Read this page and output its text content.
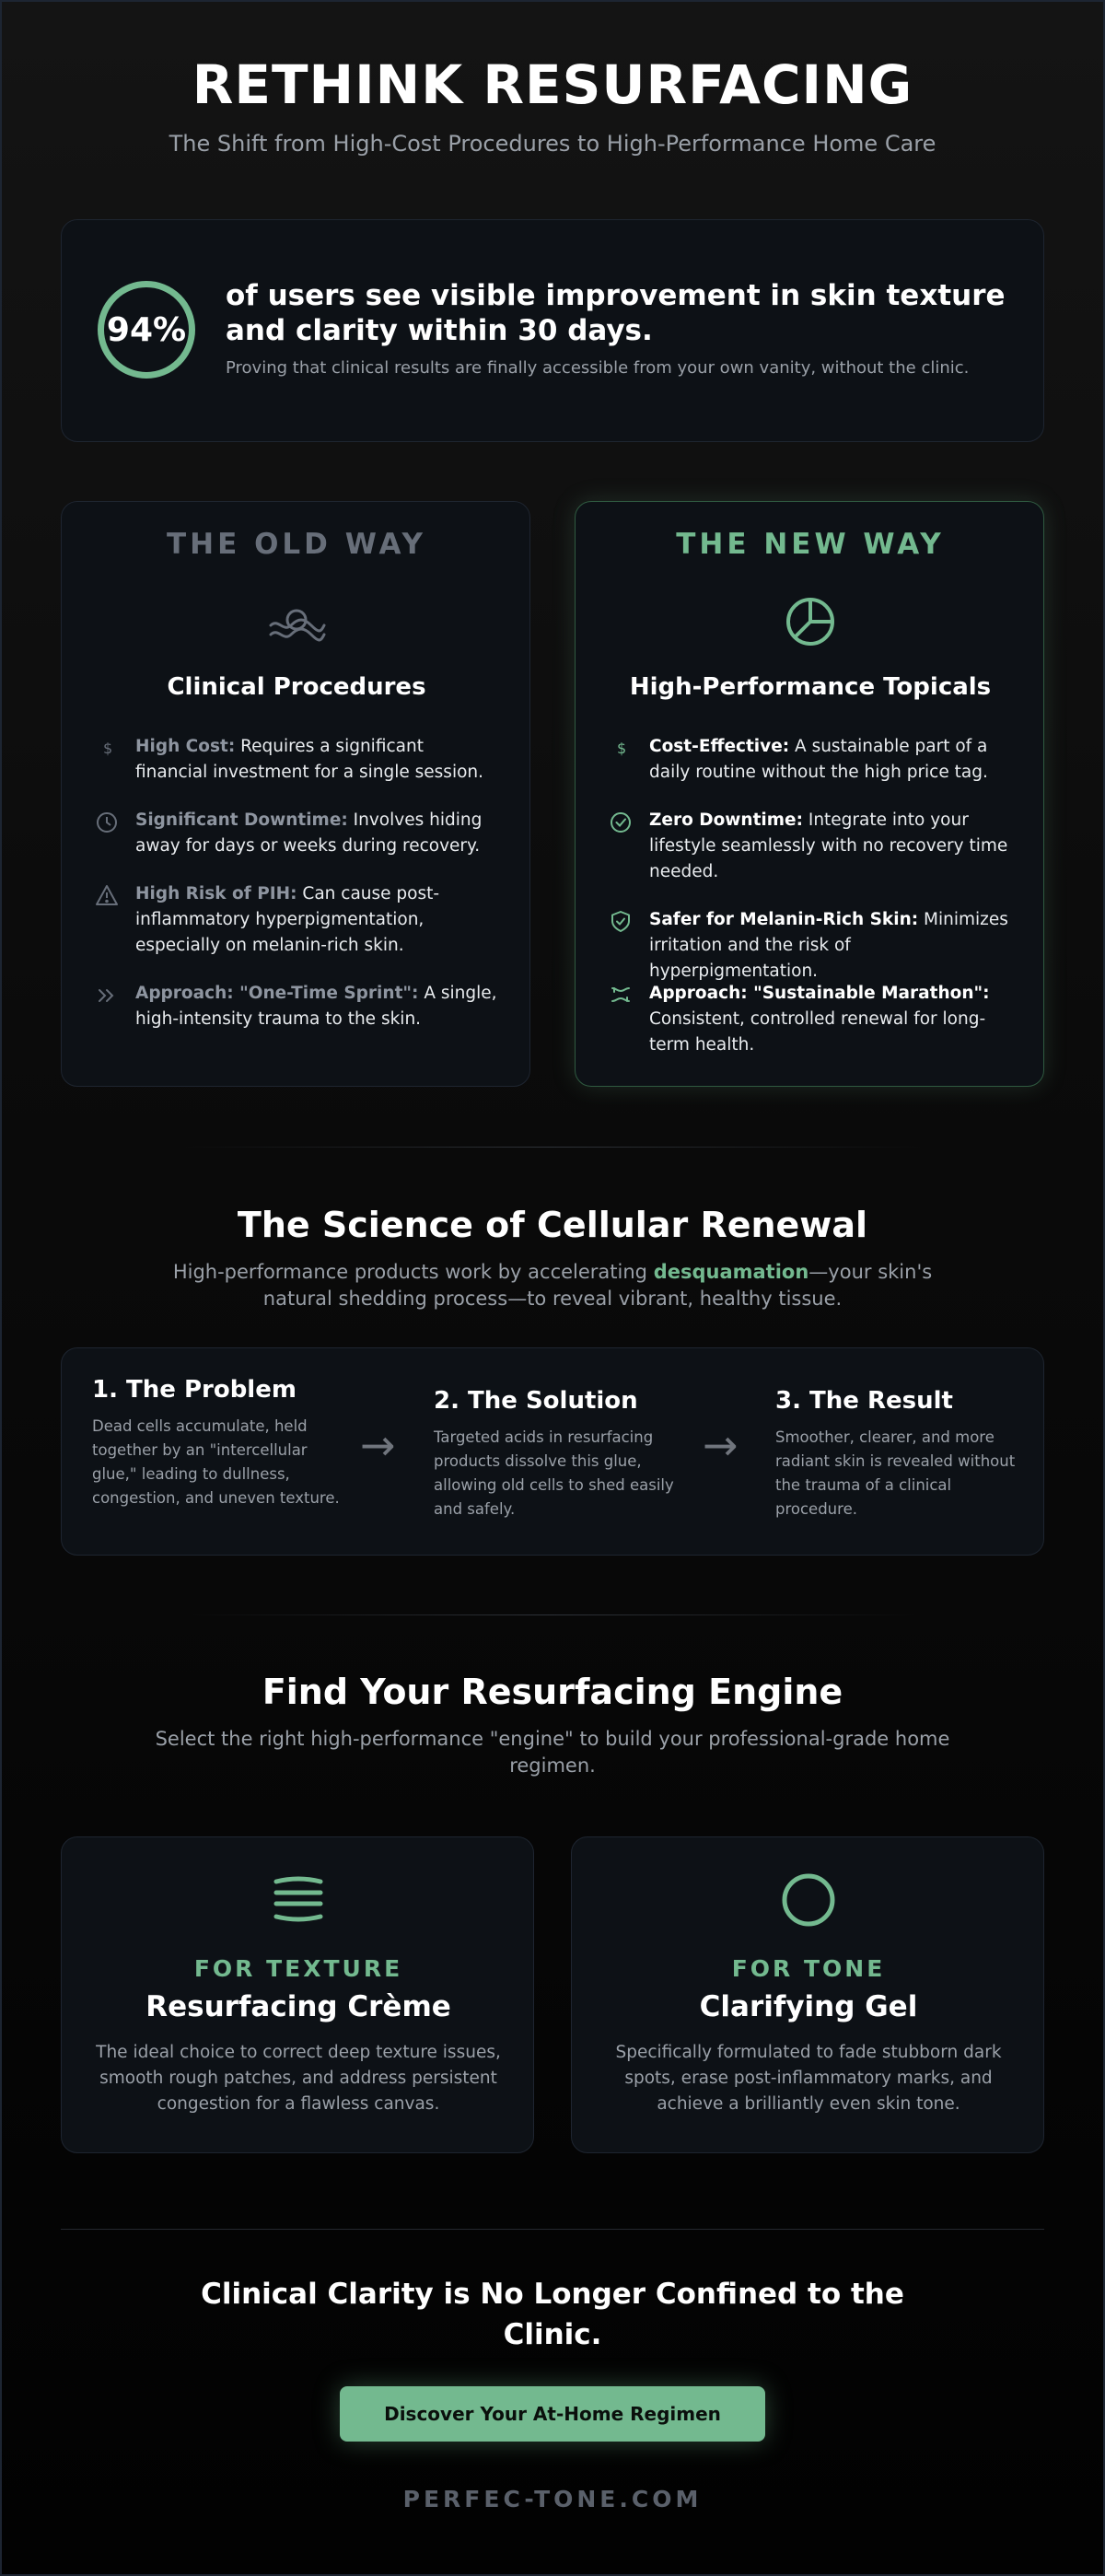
RETHINK RESURFACING
The Shift from High-Cost Procedures to High-Performance Home Care
94%
of users see visible improvement in skin texture and clarity within 30 days.
Proving that clinical results are finally accessible from your own vanity, without the clinic.
THE OLD WAY
Clinical Procedures
$ High Cost: Requires a significant financial investment for a single session.
Significant Downtime: Involves hiding away for days or weeks during recovery.
High Risk of PIH: Can cause post-inflammatory hyperpigmentation, especially on melanin-rich skin.
Approach: "One-Time Sprint": A single, high-intensity trauma to the skin.
THE NEW WAY
High-Performance Topicals
$ Cost-Effective: A sustainable part of a daily routine without the high price tag.
Zero Downtime: Integrate into your lifestyle seamlessly with no recovery time needed.
Safer for Melanin-Rich Skin: Minimizes irritation and the risk of hyperpigmentation.
Approach: "Sustainable Marathon": Consistent, controlled renewal for long-term health.
The Science of Cellular Renewal
High-performance products work by accelerating desquamation—your skin's natural shedding process—to reveal vibrant, healthy tissue.
1. The Problem
Dead cells accumulate, held together by an "intercellular glue," leading to dullness, congestion, and uneven texture.
→
2. The Solution
Targeted acids in resurfacing products dissolve this glue, allowing old cells to shed easily and safely.
→
3. The Result
Smoother, clearer, and more radiant skin is revealed without the trauma of a clinical procedure.
Find Your Resurfacing Engine
Select the right high-performance "engine" to build your professional-grade home regimen.
FOR TEXTURE
Resurfacing Crème
The ideal choice to correct deep texture issues, smooth rough patches, and address persistent congestion for a flawless canvas.
FOR TONE
Clarifying Gel
Specifically formulated to fade stubborn dark spots, erase post-inflammatory marks, and achieve a brilliantly even skin tone.
Clinical Clarity is No Longer Confined to the Clinic.
Discover Your At-Home Regimen
PERFEC-TONE.COM
